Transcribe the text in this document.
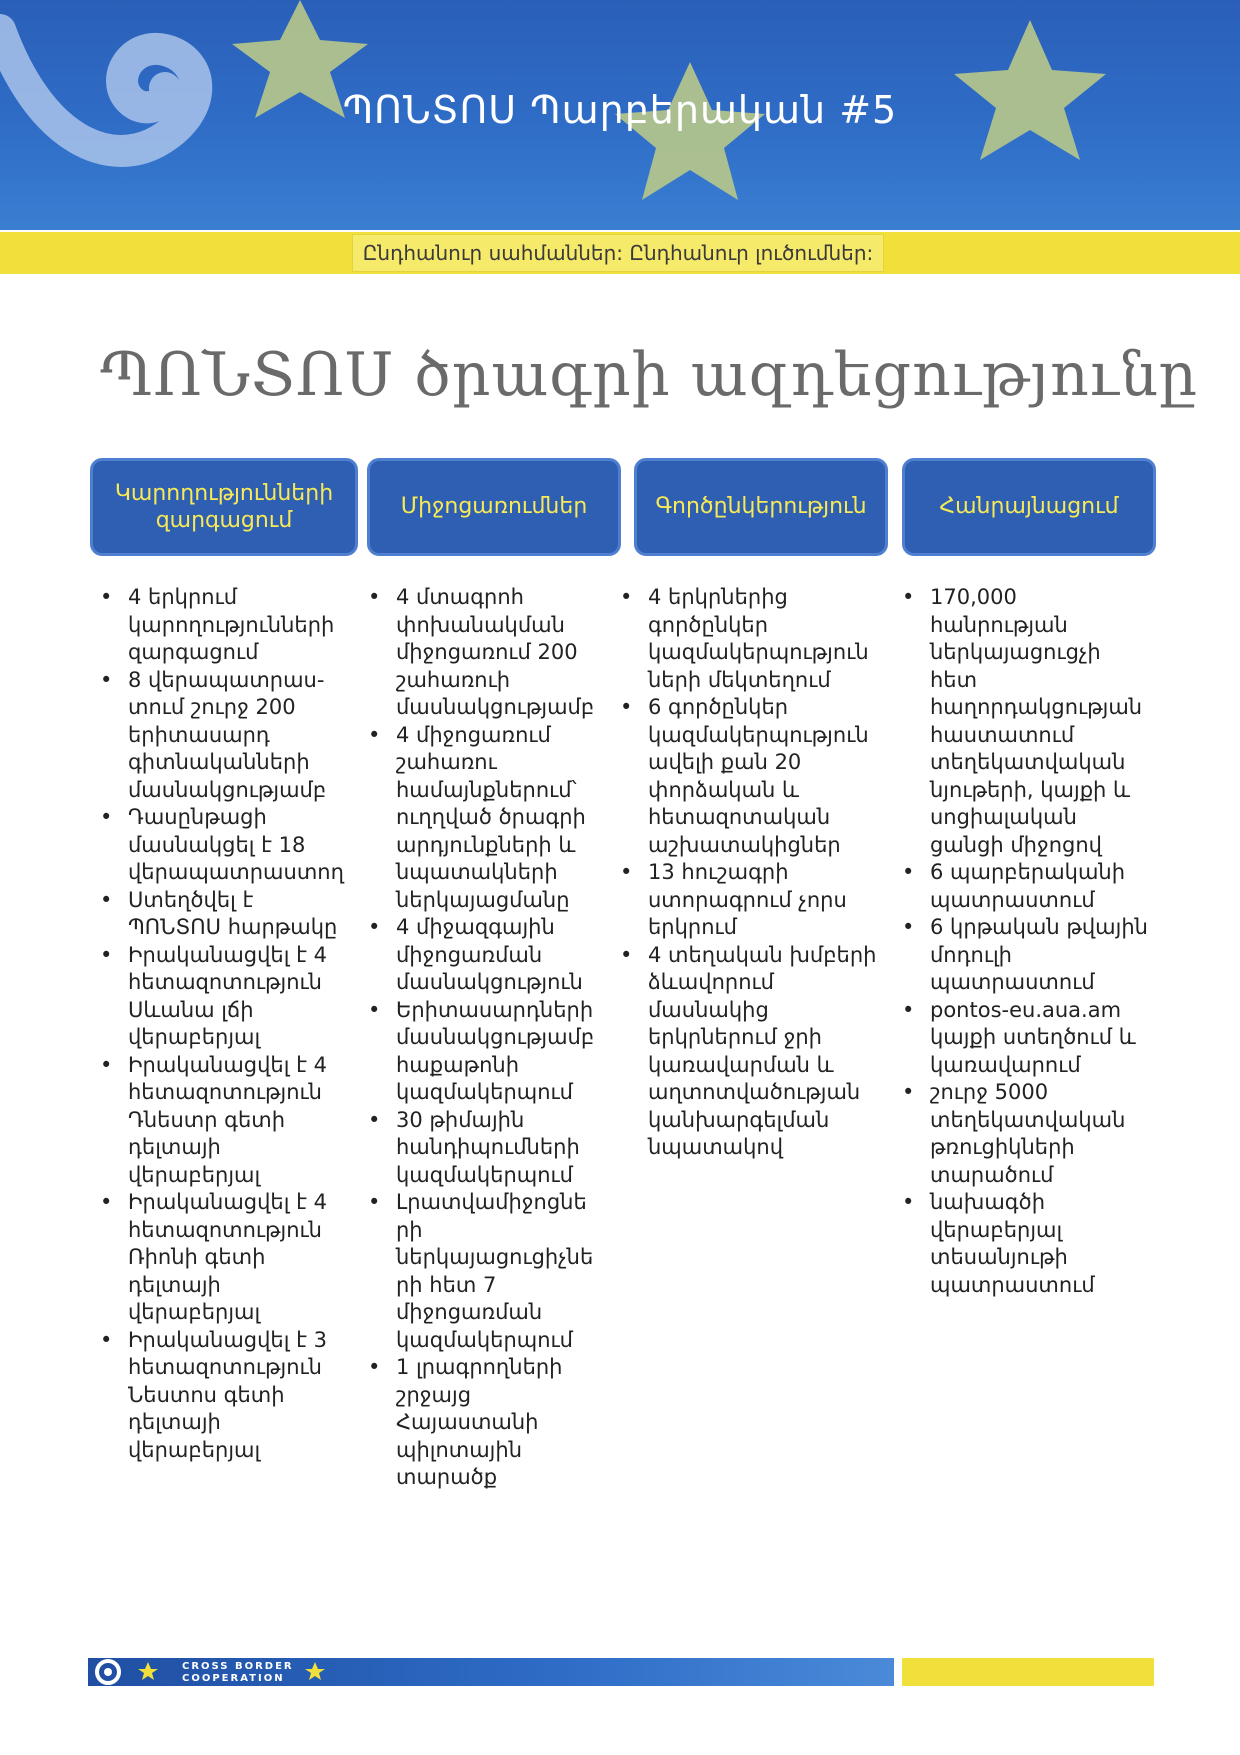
ՊՈՆՏՈՍ Պարբերական #5
Ընդհանուր սահմաններ: Ընդհանուր լուծումներ:
ՊՈՆՏՈՍ ծրագրի ազդեցությունը
Կարողությունների զարգացում
Միջոցառումներ	Գործընկերություն	Հանրայնացում
• 4 երկրում կարողությունների զարգացում
• 8 վերապատրաս-տում շուրջ 200 երիտասարդ գիտնականների մասնակցությամբ
• Դասընթացի մասնակցել է 18 վերապատրաստող
• Ստեղծվել է ՊՈՆՏՈՍ հարթակը
• Իրականացվել է 4 հետազոտություն Սևանա լճի վերաբերյալ
• Իրականացվել է 4 հետազոտություն Դնեստր գետի դելտայի վերաբերյալ
• Իրականացվել է 4 հետազոտություն Ռիոնի գետի դելտայի վերաբերյալ
• Իրականացվել է 3 հետազոտություն Նեստոս գետի դելտայի վերաբերյալ
• 4 մտագրոհ փոխանակման միջոցառում 200 շահառուի մասնակցությամբ
• 4 միջոցառում շահառու համայնքներում՝ ուղղված ծրագրի արդյունքների և նպատակների ներկայացմանը
• 4 միջազգային միջոցառման մասնակցություն
• Երիտասարդների մասնակցությամբ հաքաթոնի կազմակերպում
• 30 թիմային հանդիպումների կազմակերպում
• Լրատվամիջոցնե րի ներկայացուցիչնե րի հետ 7 միջոցառման կազմակերպում
• 1 լրագրողների շրջայց Հայաստանի պիլոտային տարածք
• 4 երկրներից գործընկեր կազմակերպություն ների մեկտեղում
• 6 գործընկեր կազմակերպություն ավելի քան 20 փորձական և հետազոտական աշխատակիցներ
• 13 հուշագրի ստորագրում չորս երկրում
• 4 տեղական խմբերի ձևավորում մասնակից երկրներում ջրի կառավարման և աղտոտվածության կանխարգելման նպատակով
• 170,000 հանրության ներկայացուցչի հետ հաղորդակցության հաստատում տեղեկատվական նյութերի, կայքի և սոցիալական ցանցի միջոցով
• 6 պարբերականի պատրաստում
• 6 կրթական թվային մոդուլի պատրաստում
• pontos-eu.aua.am կայքի ստեղծում և կառավարում
• շուրջ 5000 տեղեկատվական թռուցիկների տարածում
• նախագծի վերաբերյալ տեսանյութի պատրաստում
CROSS BORDER
COOPERATION
